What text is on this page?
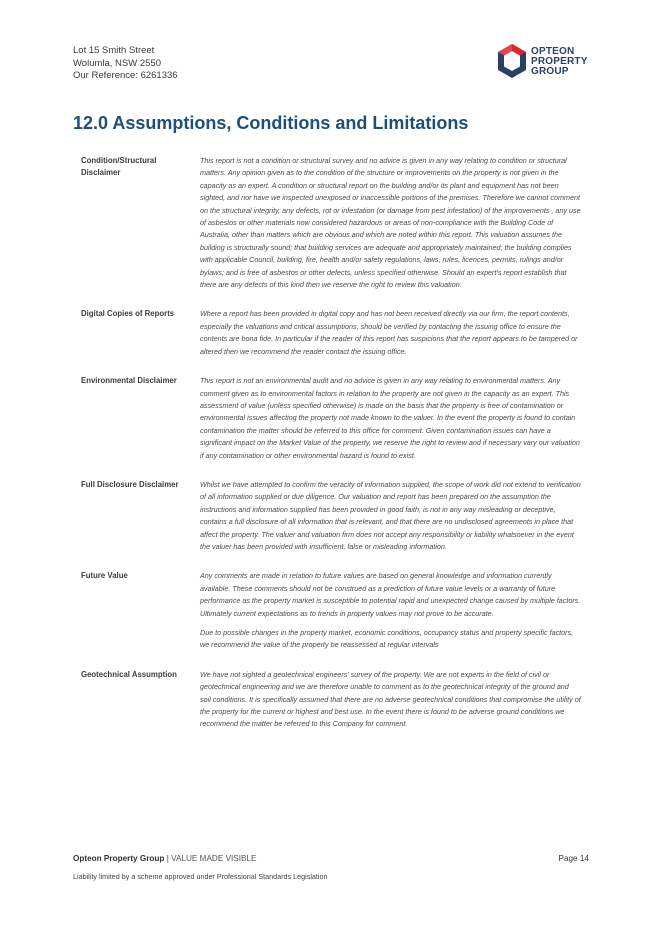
Lot 15 Smith Street
Wolumla, NSW 2550
Our Reference: 6261336
OPTEON
PROPERTY
GROUP
12.0 Assumptions, Conditions and Limitations
Condition/Structural Disclaimer

This report is not a condition or structural survey and no advice is given in any way relating to condition or structural matters. Any opinion given as to the condition of the structure or improvements on the property is not given in the capacity as an expert. A condition or structural report on the building and/or its plant and equipment has not been sighted, and nor have we inspected unexposed or inaccessible portions of the premises. Therefore we cannot comment on the structural integrity, any defects, rot or infestation (or damage from pest infestation) of the improvements , any use of asbestos or other materials now considered hazardous or areas of non-compliance with the Building Code of Australia, other than matters which are obvious and which are noted within this report. This valuation assumes the building is structurally sound; that building services are adequate and appropriately maintained; the building complies with applicable Council, building, fire, health and/or safety regulations, laws, rules, licences, permits, rulings and/or bylaws; and is free of asbestos or other defects, unless specified otherwise. Should an expert's report establish that there are any defects of this kind then we reserve the right to review this valuation.

Digital Copies of Reports	Where a report has been provided in digital copy and has not been received directly via our firm, the report contents, especially the valuations and critical assumptions, should be verified by contacting the issuing office to ensure the contents are bona fide. In particular if the reader of this report has suspicions that the report appears to be tampered or altered then we recommend the reader contact the issuing office.

Environmental Disclaimer	This report is not an environmental audit and no advice is given in any way relating to environmental matters. Any comment given as to environmental factors in relation to the property are not given in the capacity as an expert. This assessment of value (unless specified otherwise) is made on the basis that the property is free of contamination or environmental issues affecting the property not made known to the valuer. In the event the property is found to contain contamination the matter should be referred to this office for comment. Given contamination issues can have a significant impact on the Market Value of the property, we reserve the right to review and if necessary vary our valuation if any contamination or other environmental hazard is found to exist.

Full Disclosure Disclaimer	Whilst we have attempted to confirm the veracity of information supplied, the scope of work did not extend to verification of all information supplied or due diligence. Our valuation and report has been prepared on the assumption the instructions and information supplied has been provided in good faith, is not in any way misleading or deceptive, contains a full disclosure of all information that is relevant, and that there are no undisclosed agreements in place that affect the property. The valuer and valuation firm does not accept any responsibility or liability whatsoever in the event the valuer has been provided with insufficient, false or misleading information.

Future Value	Any comments are made in relation to future values are based on general knowledge and information currently available. These comments should not be construed as a prediction of future value levels or a warranty of future performance as the property market is susceptible to potential rapid and unexpected change caused by multiple factors. Ultimately current expectations as to trends in property values may not prove to be accurate.

Due to possible changes in the property market, economic conditions, occupancy status and property specific factors, we recommend the value of the property be reassessed at regular intervals

Geotechnical Assumption	We have not sighted a geotechnical engineers' survey of the property. We are not experts in the field of civil or geotechnical engineering and we are therefore unable to comment as to the geotechnical integrity of the ground and soil conditions. It is specifically assumed that there are no adverse geotechnical conditions that compromise the utility of the property for the current or highest and best use. In the event there is found to be adverse ground conditions we recommend the matter be referred to this Company for comment.

Opteon Property Group | VALUE MADE VISIBLE
Liability limited by a scheme approved under Professional Standards Legislation
Page 14
